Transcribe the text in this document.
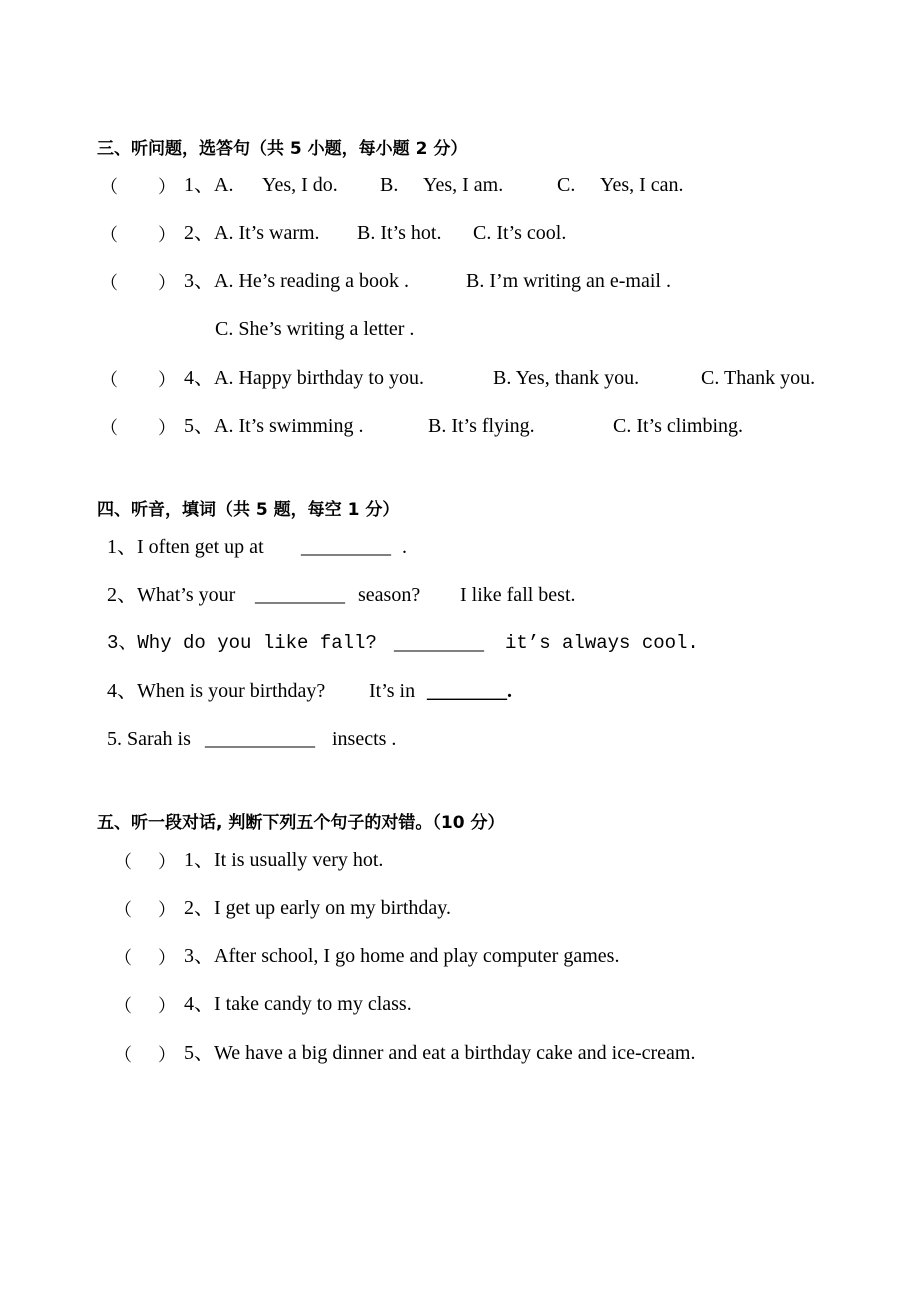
三、听问题，选答句（共 5 小题，每小题 2 分）
（ ） 1、A. Yes, I do. B. Yes, I am.	C. Yes, I can.
（ ） 2、A. It’s warm. B. It’s hot. C. It’s cool.
（ ） 3、A. He’s reading a book .	B. I’m writing an e-mail .
C. She’s writing a letter .
（ ） 4、A. Happy birthday to you.	B. Yes, thank you.	C. Thank you.
（ ） 5、A. It’s swimming .	B. It’s flying.	C. It’s climbing.
四、听音，填词（共 5 题，每空 1 分）
1、I often get up at _________ .
2、What’s your _________ season? I like fall best.
3、Why do you like fall? _________ it’s always cool.
4、When is your birthday? It’s in ________.
5. Sarah is ___________ insects .
五、听一段对话, 判断下列五个句子的对错。（10 分）
（ ） 1、It is usually very hot.
（ ） 2、I get up early on my birthday.
（ ） 3、After school, I go home and play computer games.
（ ） 4、I take candy to my class.
（ ） 5、We have a big dinner and eat a birthday cake and ice-cream.
